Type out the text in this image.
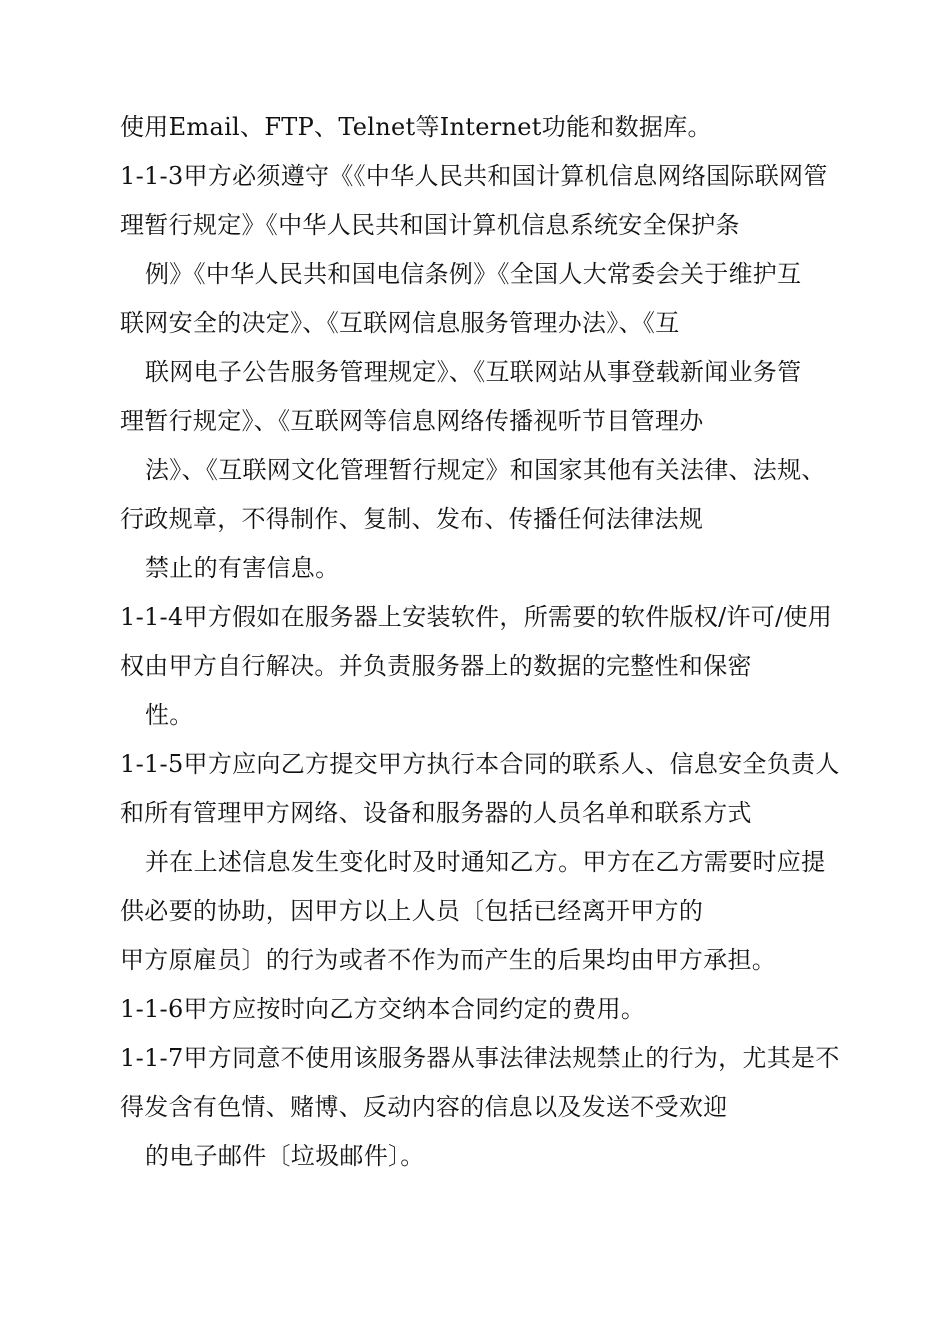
使用Email、FTP、Telnet等Internet功能和数据库。
1-1-3甲方必须遵守《《中华人民共和国计算机信息网络国际联网管
理暂行规定》《中华人民共和国计算机信息系统安全保护条
例》《中华人民共和国电信条例》《全国人大常委会关于维护互
联网安全的决定》、《互联网信息服务管理办法》、《互
联网电子公告服务管理规定》、《互联网站从事登载新闻业务管
理暂行规定》、《互联网等信息网络传播视听节目管理办
法》、《互联网文化管理暂行规定》和国家其他有关法律、法规、
行政规章，不得制作、复制、发布、传播任何法律法规
禁止的有害信息。
1-1-4甲方假如在服务器上安装软件，所需要的软件版权/许可/使用
权由甲方自行解决。并负责服务器上的数据的完整性和保密
性。
1-1-5甲方应向乙方提交甲方执行本合同的联系人、信息安全负责人
和所有管理甲方网络、设备和服务器的人员名单和联系方式
并在上述信息发生变化时及时通知乙方。甲方在乙方需要时应提
供必要的协助，因甲方以上人员〔包括已经离开甲方的
甲方原雇员〕的行为或者不作为而产生的后果均由甲方承担。
1-1-6甲方应按时向乙方交纳本合同约定的费用。
1-1-7甲方同意不使用该服务器从事法律法规禁止的行为，尤其是不
得发含有色情、赌博、反动内容的信息以及发送不受欢迎
的电子邮件〔垃圾邮件〕。
